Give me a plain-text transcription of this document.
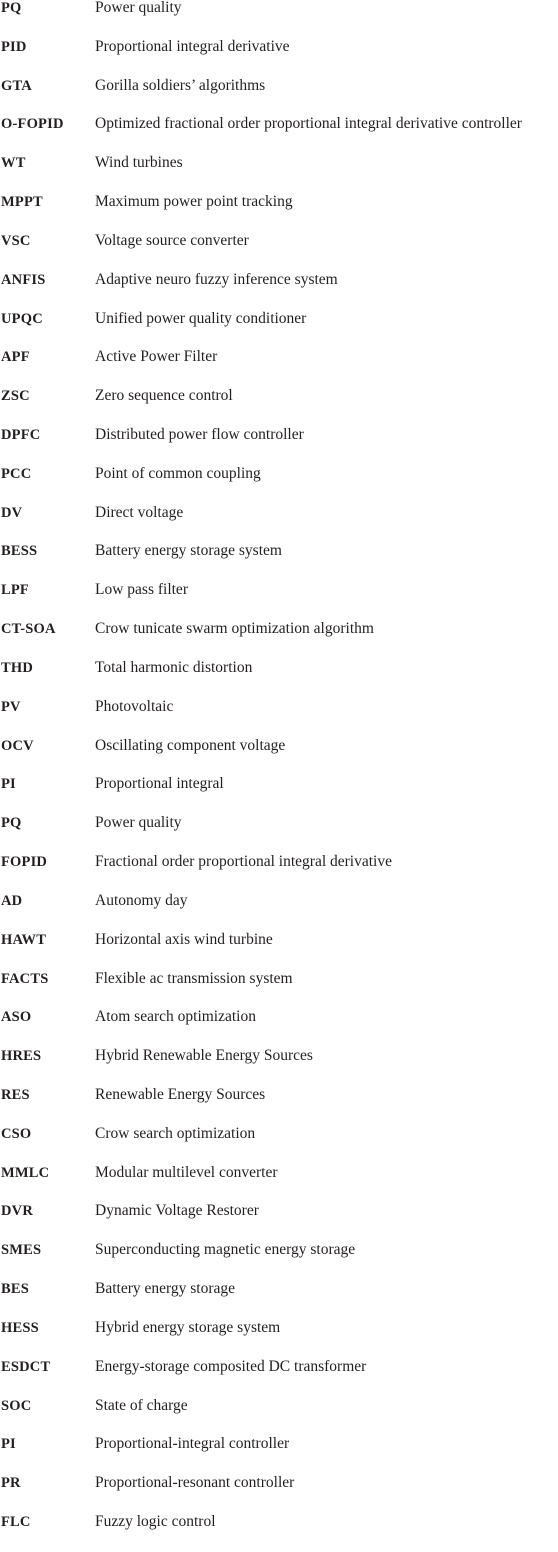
PQ	Power quality
PID	Proportional integral derivative
GTA	Gorilla soldiers’ algorithms
O-FOPID Optimized fractional order proportional integral derivative controller
WT	Wind turbines
MPPT	Maximum power point tracking
VSC	Voltage source converter
ANFIS	Adaptive neuro fuzzy inference system
UPQC	Unified power quality conditioner
APF	Active Power Filter
ZSC	Zero sequence control
DPFC	Distributed power flow controller
PCC	Point of common coupling
DV	Direct voltage
BESS	Battery energy storage system
LPF	Low pass filter
CT-SOA	Crow tunicate swarm optimization algorithm
THD	Total harmonic distortion
PV	Photovoltaic
OCV	Oscillating component voltage
PI	Proportional integral
PQ	Power quality
FOPID	Fractional order proportional integral derivative
AD	Autonomy day
HAWT	Horizontal axis wind turbine
FACTS	Flexible ac transmission system
ASO	Atom search optimization
HRES	Hybrid Renewable Energy Sources
RES	Renewable Energy Sources
CSO	Crow search optimization
MMLC	Modular multilevel converter
DVR	Dynamic Voltage Restorer
SMES	Superconducting magnetic energy storage
BES	Battery energy storage
HESS	Hybrid energy storage system
ESDCT	Energy-storage composited DC transformer
SOC	State of charge
PI	Proportional-integral controller
PR	Proportional-resonant controller
FLC	Fuzzy logic control
